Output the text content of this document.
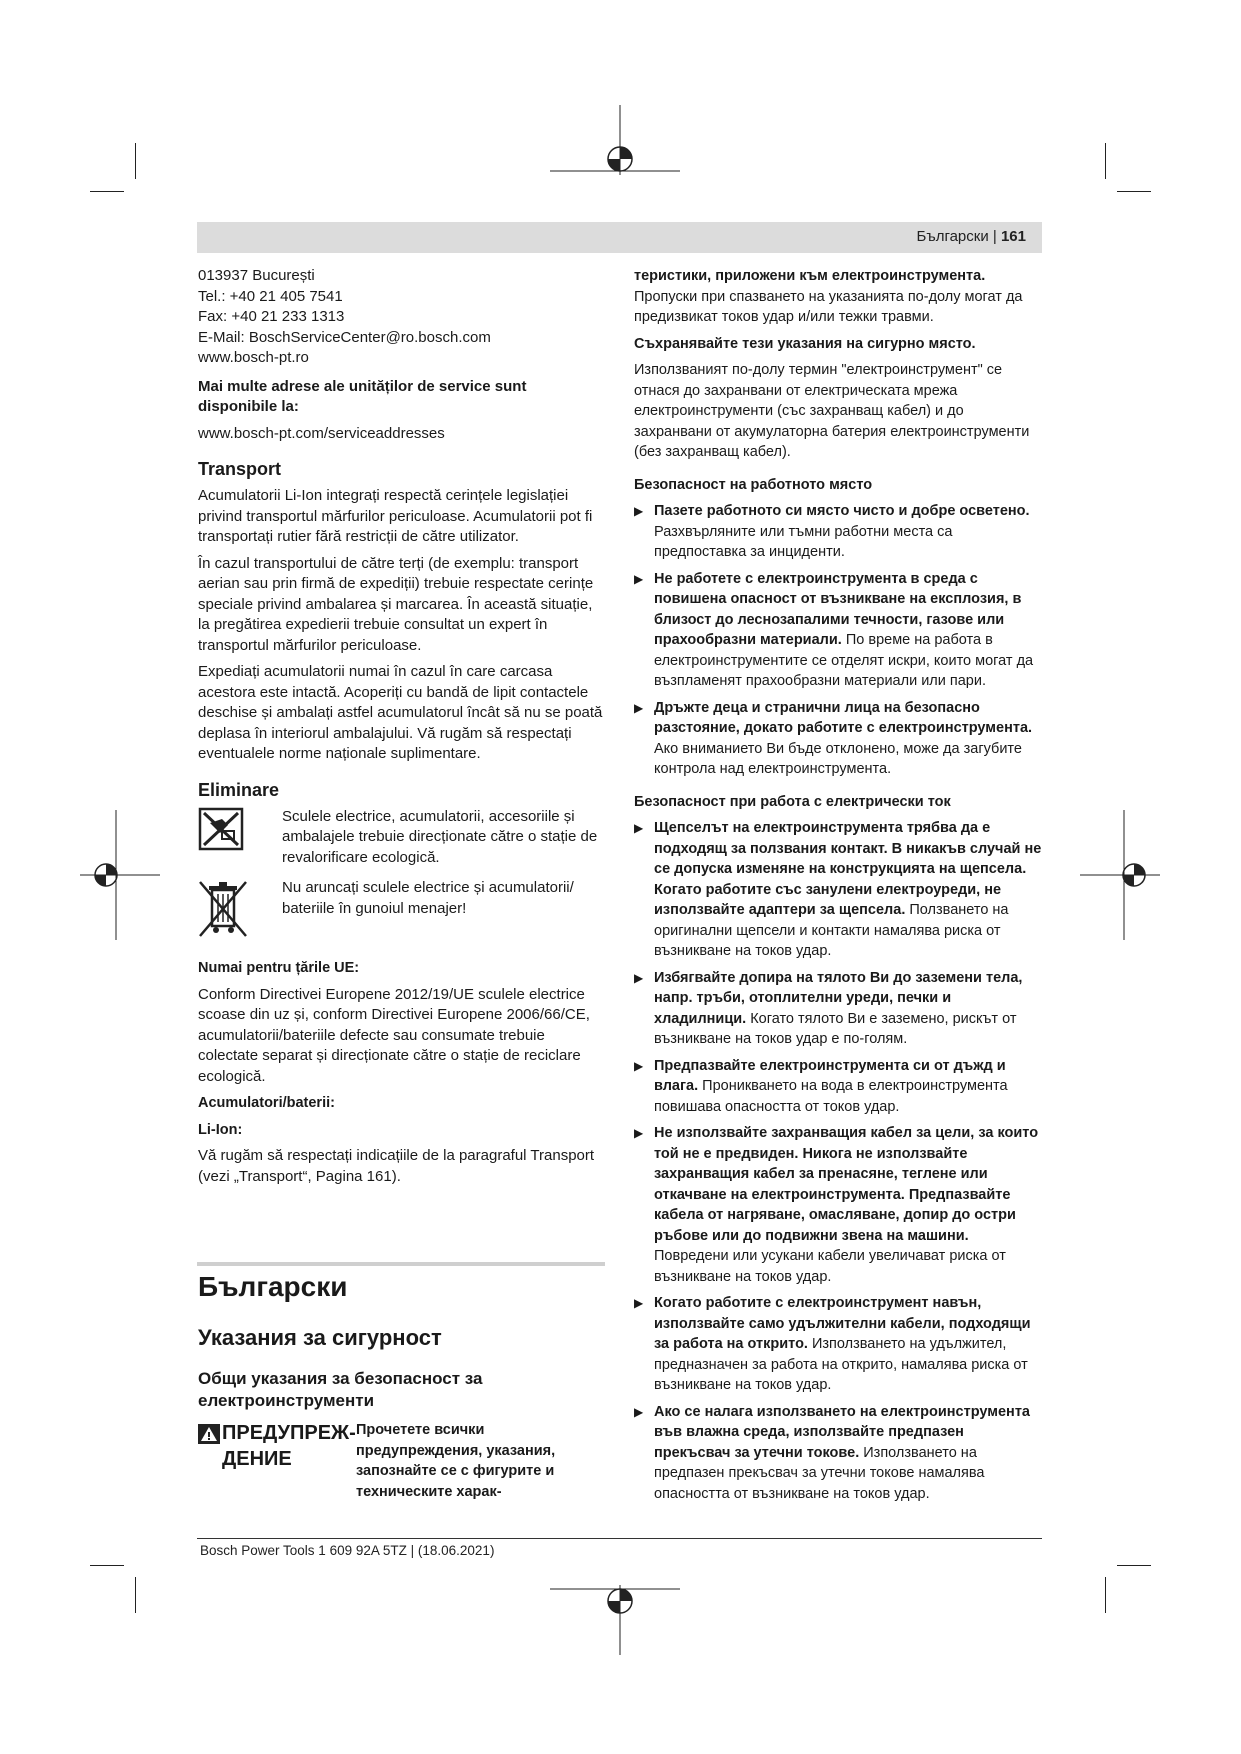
Български | 161
013937 București
Tel.: +40 21 405 7541
Fax: +40 21 233 1313
E-Mail: BoschServiceCenter@ro.bosch.com
www.bosch-pt.ro

Mai multe adrese ale unităților de service sunt disponibile la:

www.bosch-pt.com/serviceaddresses

Transport

Acumulatorii Li-Ion integrați respectă cerințele legislației privind transportul mărfurilor periculoase. Acumulatorii pot fi transportați rutier fără restricții de către utilizator.

În cazul transportului de către terți (de exemplu: transport aerian sau prin firmă de expediții) trebuie respectate cerințe speciale privind ambalarea și marcarea. În această situație, la pregătirea expedierii trebuie consultat un expert în transportul mărfurilor periculoase.

Expediați acumulatorii numai în cazul în care carcasa acestora este intactă. Acoperiți cu bandă de lipit contactele deschise și ambalați astfel acumulatorul încât să nu se poată deplasa în interiorul ambalajului. Vă rugăm să respectați eventualele norme naționale suplimentare.

Eliminare
Sculele electrice, acumulatorii, accesoriile și ambalajele trebuie direcționate către o stație de revalorificare ecologică.
Nu aruncați sculele electrice și acumulatorii/ bateriile în gunoiul menajer!

Numai pentru țările UE:

Conform Directivei Europene 2012/19/UE sculele electrice scoase din uz și, conform Directivei Europene 2006/66/CE, acumulatorii/bateriile defecte sau consumate trebuie colectate separat și direcționate către o stație de reciclare ecologică.

Acumulatori/baterii:

Li-Ion:

Vă rugăm să respectați indicațiile de la paragraful Transport (vezi „Transport“, Pagina 161).

Български
Указания за сигурност
Общи указания за безопасност за електроинструменти
ПРЕДУПРЕЖ-ДЕНИЕ
Прочетете всички предупреждения, указания, запознайте се с фигурите и техническите харак-

теристики, приложени към електроинструмента. Пропуски при спазването на указанията по-долу могат да предизвикат токов удар и/или тежки травми.

Съхранявайте тези указания на сигурно място.

Използваният по-долу термин "електроинструмент" се отнася до захранвани от електрическата мрежа електроинструменти (със захранващ кабел) и до захранвани от акумулаторна батерия електроинструменти (без захранващ кабел).

Безопасност на работното място

▶ Пазете работното си място чисто и добре осветено. Разхвърляните или тъмни работни места са предпоставка за инциденти.
▶ Не работете с електроинструмента в среда с повишена опасност от възникване на експлозия, в близост до леснозапалими течности, газове или прахообразни материали. По време на работа в електроинструментите се отделят искри, които могат да възпламенят прахообразни материали или пари.
▶ Дръжте деца и странични лица на безопасно разстояние, докато работите с електроинструмента. Ако вниманието Ви бъде отклонено, може да загубите контрола над електроинструмента.

Безопасност при работа с електрически ток

▶ Щепселът на електроинструмента трябва да е подходящ за ползвания контакт. В никакъв случай не се допуска изменяне на конструкцията на щепсела. Когато работите със занулени електроуреди, не използвайте адаптери за щепсела. Ползването на оригинални щепсели и контакти намалява риска от възникване на токов удар.
▶ Избягвайте допира на тялото Ви до заземени тела, напр. тръби, отоплителни уреди, печки и хладилници. Когато тялото Ви е заземено, рискът от възникване на токов удар е по-голям.
▶ Предпазвайте електроинструмента си от дъжд и влага. Проникването на вода в електроинструмента повишава опасността от токов удар.
▶ Не използвайте захранващия кабел за цели, за които той не е предвиден. Никога не използвайте захранващия кабел за пренасяне, теглене или откачване на електроинструмента. Предпазвайте кабела от нагряване, омасляване, допир до остри ръбове или до подвижни звена на машини. Повредени или усукани кабели увеличават риска от възникване на токов удар.
▶ Когато работите с електроинструмент навън, използвайте само удължителни кабели, подходящи за работа на открито. Използването на удължител, предназначен за работа на открито, намалява риска от възникване на токов удар.
▶ Ако се налага използването на електроинструмента във влажна среда, използвайте предпазен прекъсвач за утечни токове. Използването на предпазен прекъсвач за утечни токове намалява опасността от възникване на токов удар.
Bosch Power Tools 1 609 92A 5TZ | (18.06.2021)
